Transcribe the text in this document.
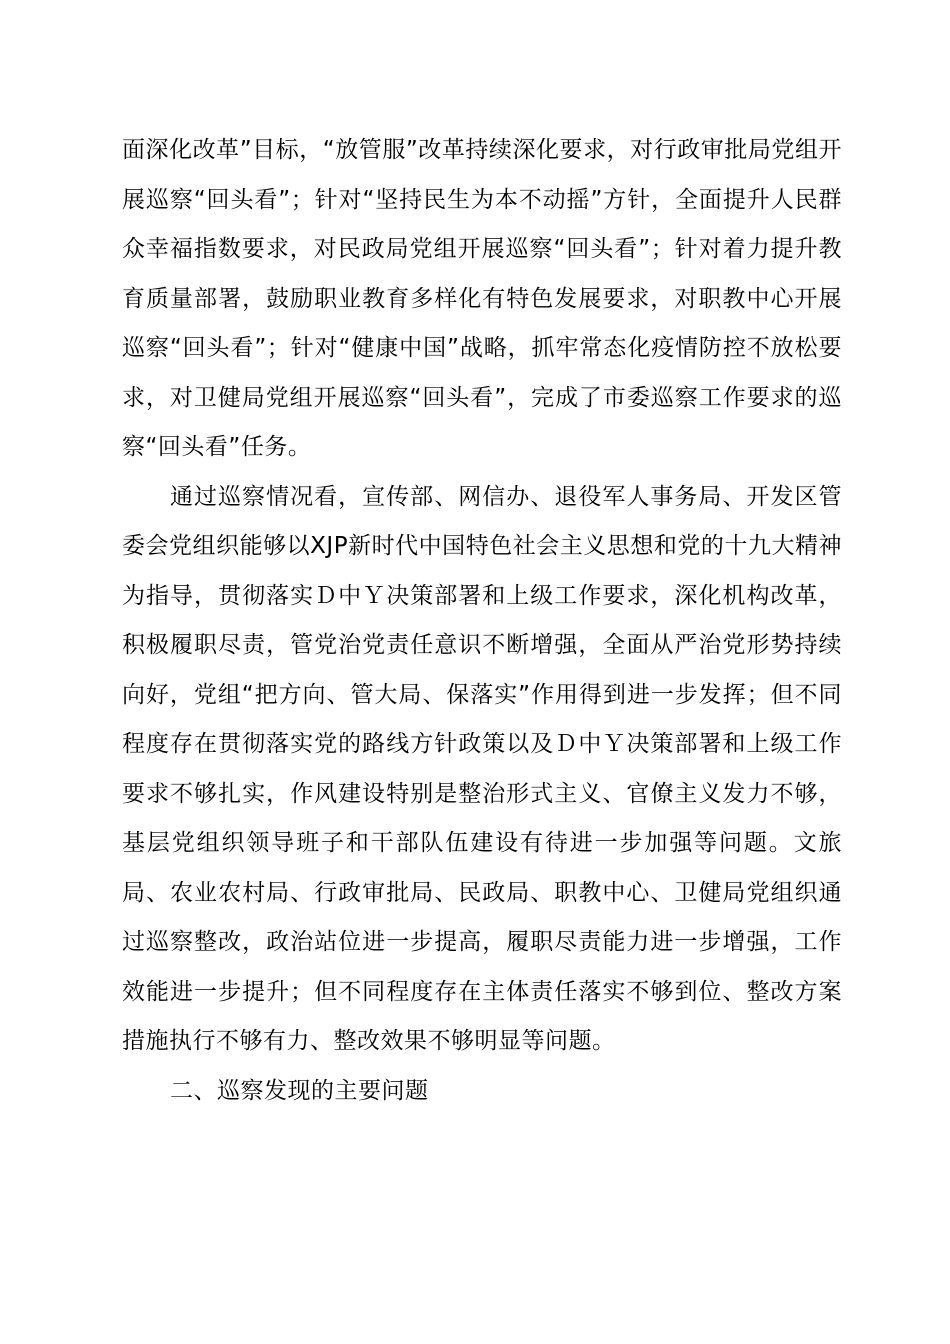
面深化改革”目标，“放管服”改革持续深化要求，对行政审批局党组开展巡察“回头看”；针对“坚持民生为本不动摇”方针，全面提升人民群众幸福指数要求，对民政局党组开展巡察“回头看”；针对着力提升教育质量部署，鼓励职业教育多样化有特色发展要求，对职教中心开展巡察“回头看”；针对“健康中国”战略，抓牢常态化疫情防控不放松要求，对卫健局党组开展巡察“回头看”，完成了市委巡察工作要求的巡察“回头看”任务。

通过巡察情况看，宣传部、网信办、退役军人事务局、开发区管委会党组织能够以XJP新时代中国特色社会主义思想和党的十九大精神为指导，贯彻落实Ｄ中Ｙ决策部署和上级工作要求，深化机构改革，积极履职尽责，管党治党责任意识不断增强，全面从严治党形势持续向好，党组“把方向、管大局、保落实”作用得到进一步发挥；但不同程度存在贯彻落实党的路线方针政策以及Ｄ中Ｙ决策部署和上级工作要求不够扎实，作风建设特别是整治形式主义、官僚主义发力不够，基层党组织领导班子和干部队伍建设有待进一步加强等问题。文旅局、农业农村局、行政审批局、民政局、职教中心、卫健局党组织通过巡察整改，政治站位进一步提高，履职尽责能力进一步增强，工作效能进一步提升；但不同程度存在主体责任落实不够到位、整改方案措施执行不够有力、整改效果不够明显等问题。

二、巡察发现的主要问题
